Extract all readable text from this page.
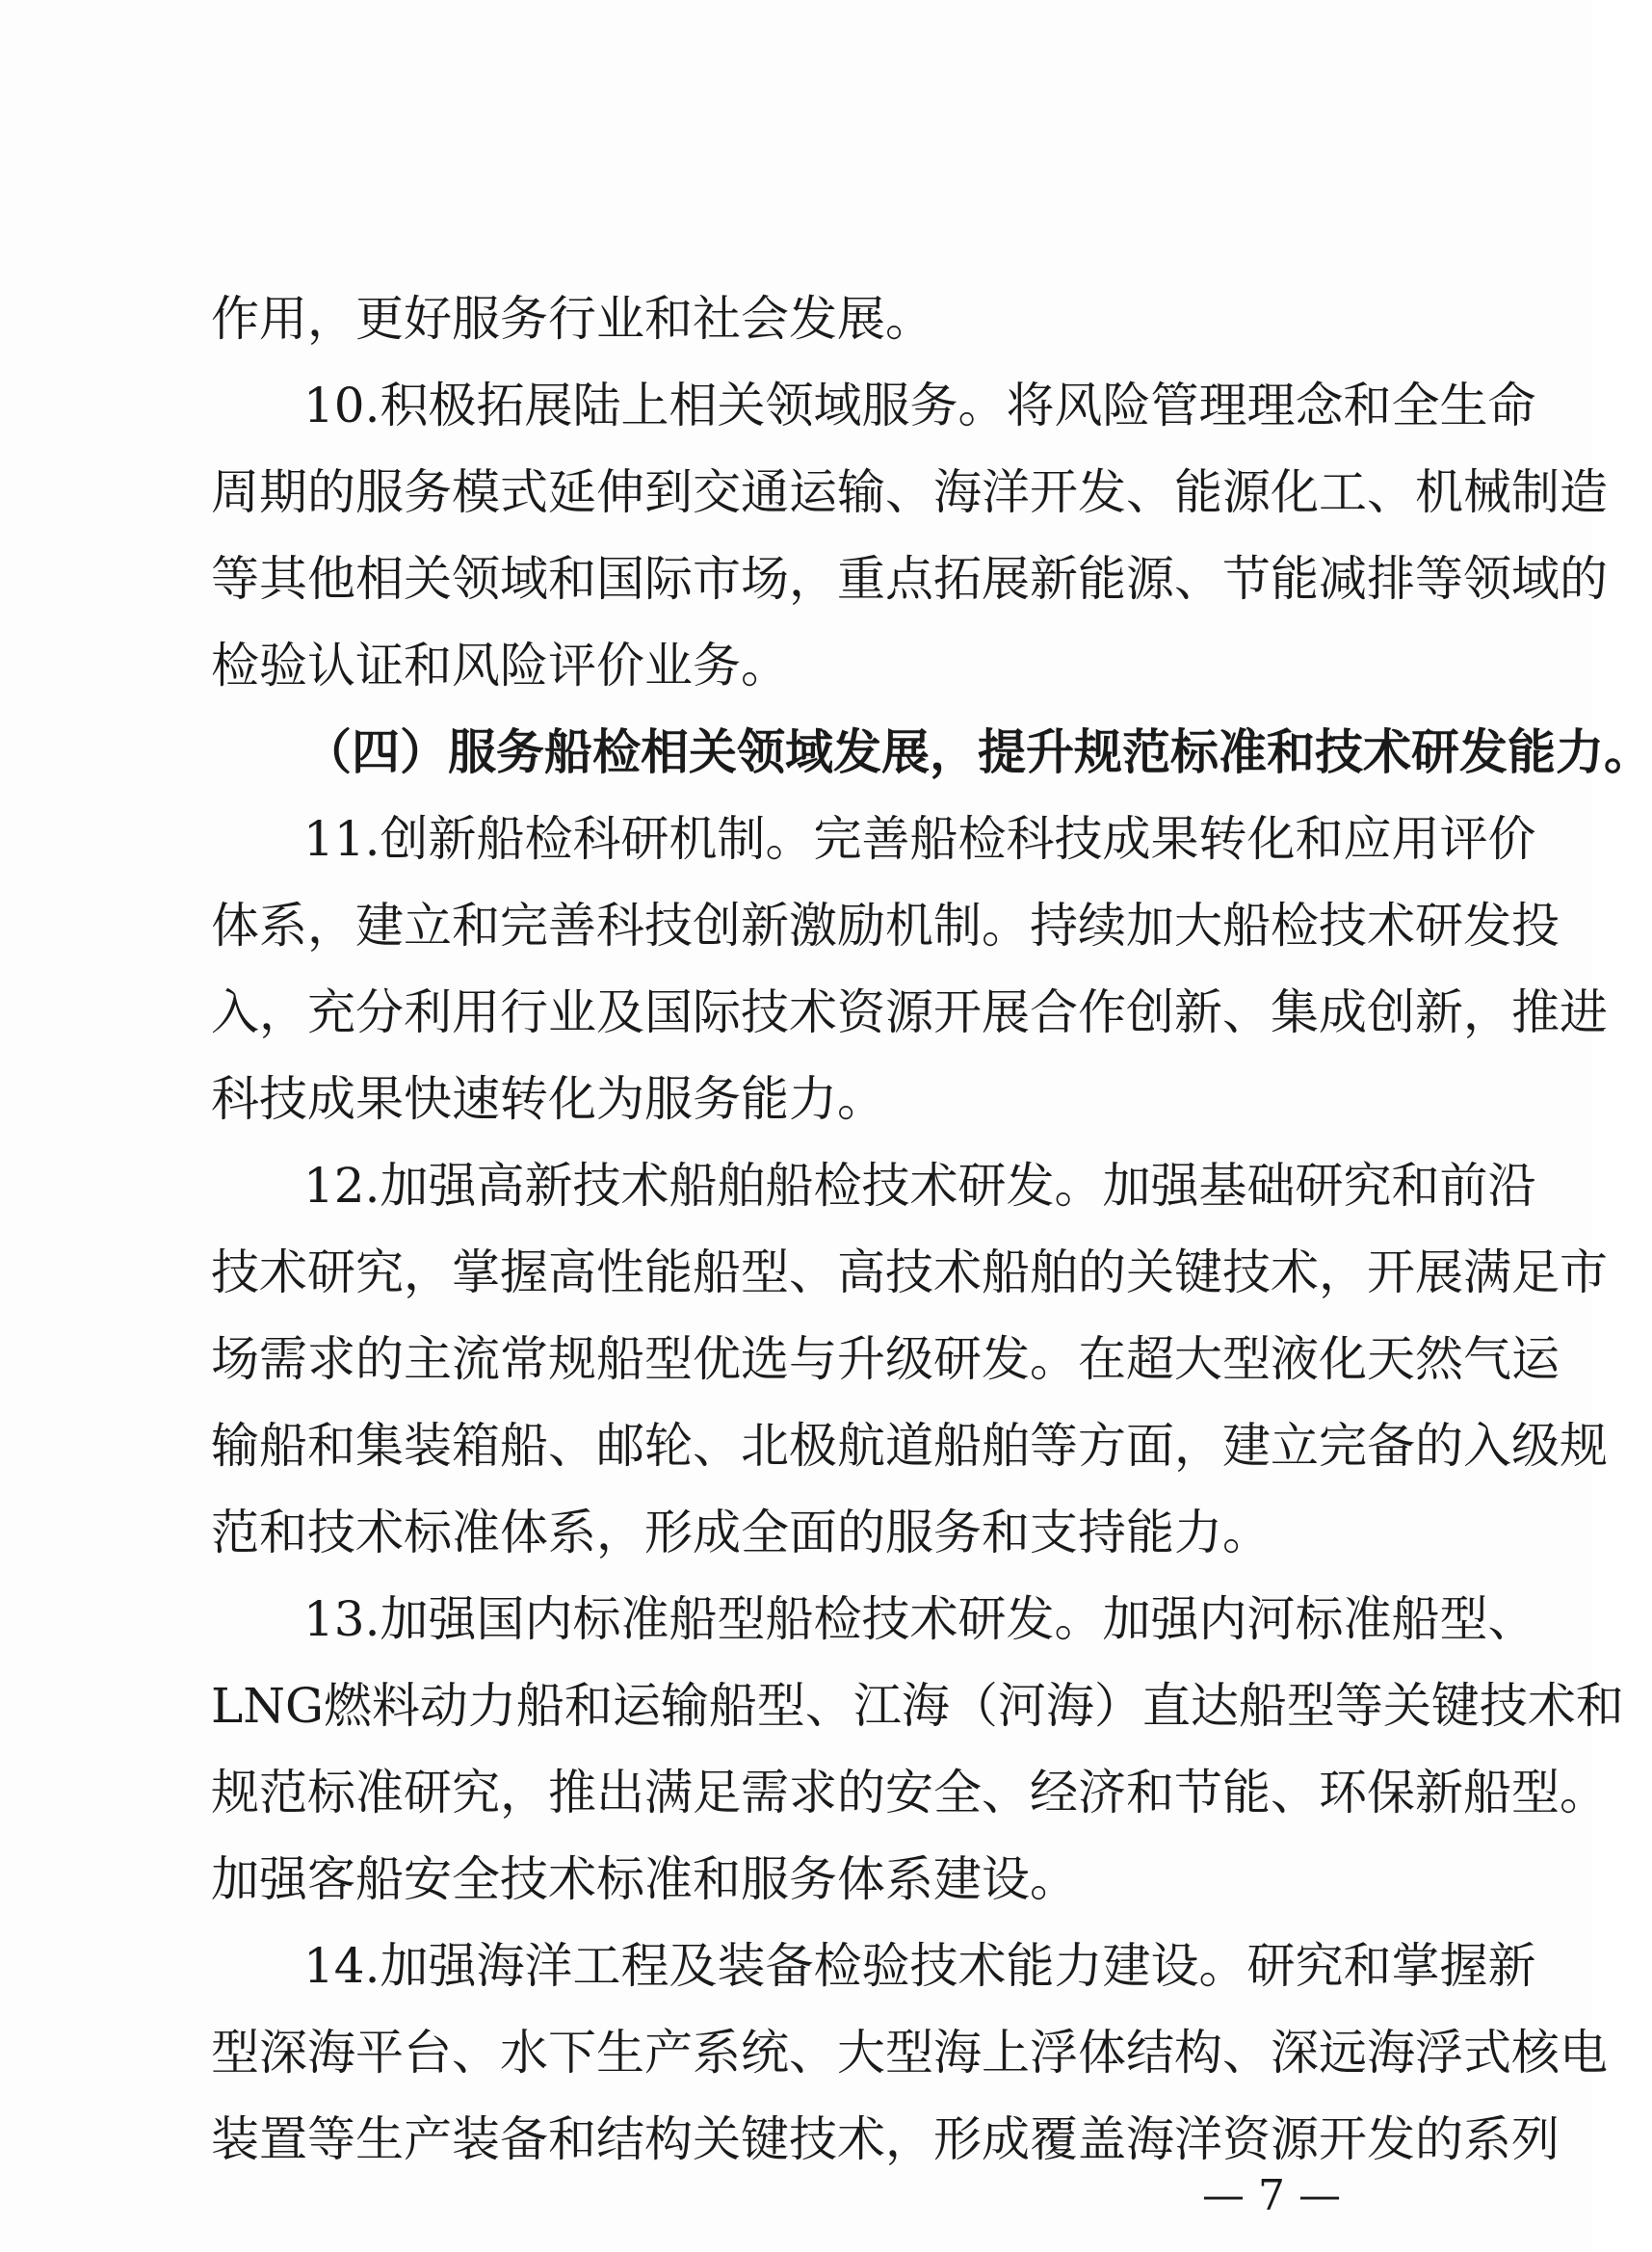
作用，更好服务行业和社会发展。
10.积极拓展陆上相关领域服务。将风险管理理念和全生命
周期的服务模式延伸到交通运输、海洋开发、能源化工、机械制造
等其他相关领域和国际市场，重点拓展新能源、节能减排等领域的
检验认证和风险评价业务。
（四）服务船检相关领域发展，提升规范标准和技术研发能力。
11.创新船检科研机制。完善船检科技成果转化和应用评价
体系，建立和完善科技创新激励机制。持续加大船检技术研发投
入，充分利用行业及国际技术资源开展合作创新、集成创新，推进
科技成果快速转化为服务能力。
12.加强高新技术船舶船检技术研发。加强基础研究和前沿
技术研究，掌握高性能船型、高技术船舶的关键技术，开展满足市
场需求的主流常规船型优选与升级研发。在超大型液化天然气运
输船和集装箱船、邮轮、北极航道船舶等方面，建立完备的入级规
范和技术标准体系，形成全面的服务和支持能力。
13.加强国内标准船型船检技术研发。加强内河标准船型、
LNG燃料动力船和运输船型、江海（河海）直达船型等关键技术和
规范标准研究，推出满足需求的安全、经济和节能、环保新船型。
加强客船安全技术标准和服务体系建设。
14.加强海洋工程及装备检验技术能力建设。研究和掌握新
型深海平台、水下生产系统、大型海上浮体结构、深远海浮式核电
装置等生产装备和结构关键技术，形成覆盖海洋资源开发的系列
— 7 —
